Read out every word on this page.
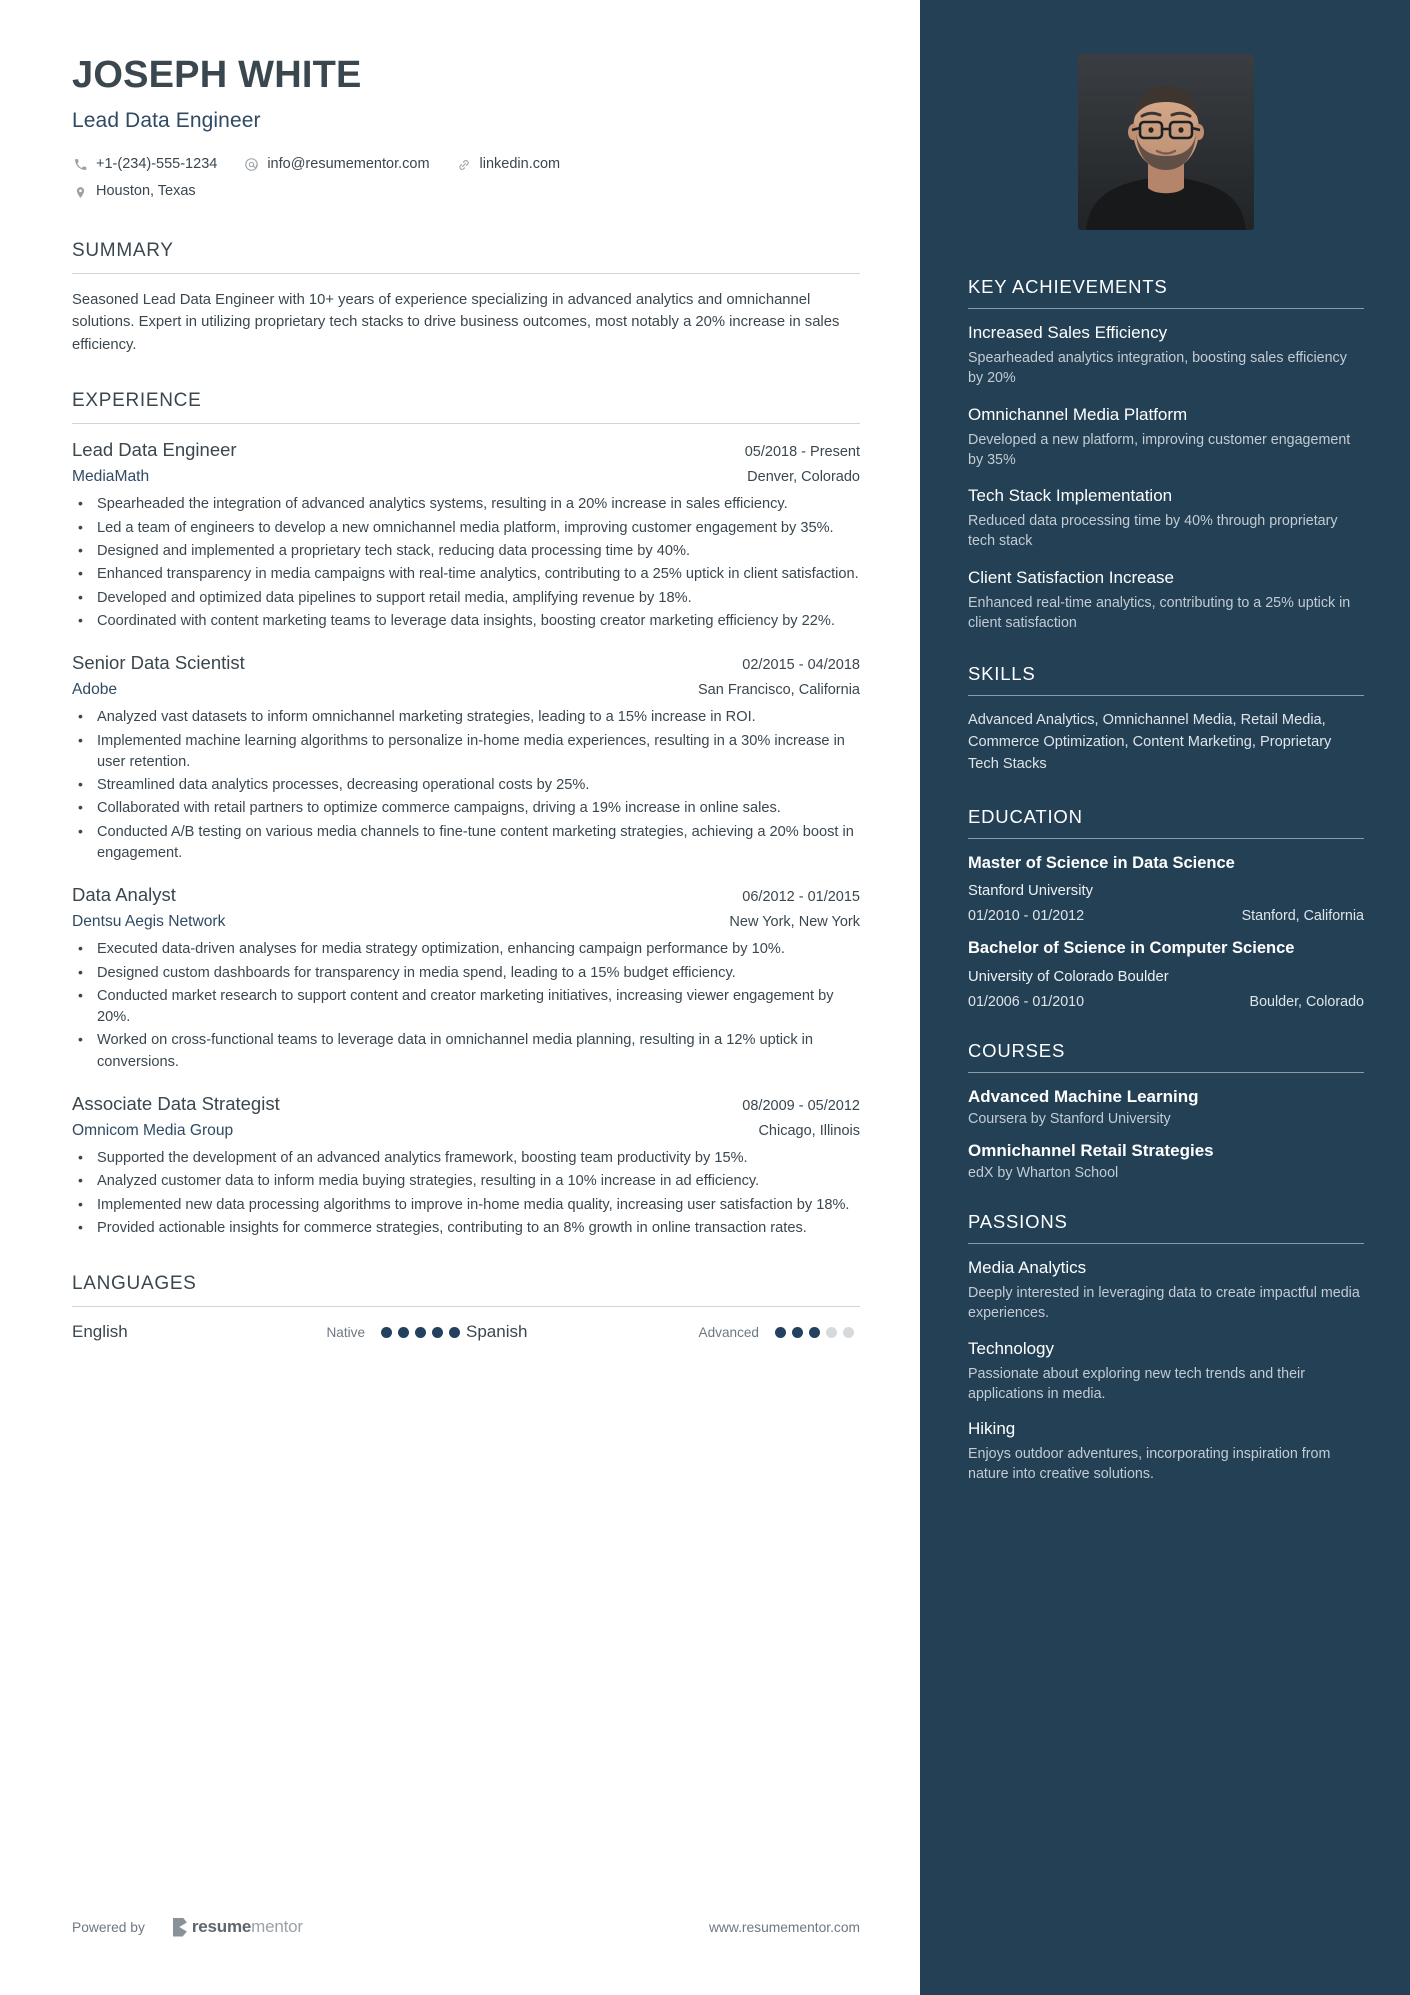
JOSEPH WHITE
Lead Data Engineer
+1-(234)-555-1234	info@resumementor.com	linkedin.com
Houston, Texas
SUMMARY
Seasoned Lead Data Engineer with 10+ years of experience specializing in advanced analytics and omnichannel solutions. Expert in utilizing proprietary tech stacks to drive business outcomes, most notably a 20% increase in sales efficiency.
EXPERIENCE
Lead Data Engineer	05/2018 - Present
MediaMath	Denver, Colorado
• Spearheaded the integration of advanced analytics systems, resulting in a 20% increase in sales efficiency.
• Led a team of engineers to develop a new omnichannel media platform, improving customer engagement by 35%.
• Designed and implemented a proprietary tech stack, reducing data processing time by 40%.
• Enhanced transparency in media campaigns with real-time analytics, contributing to a 25% uptick in client satisfaction.
• Developed and optimized data pipelines to support retail media, amplifying revenue by 18%.
• Coordinated with content marketing teams to leverage data insights, boosting creator marketing efficiency by 22%.
Senior Data Scientist	02/2015 - 04/2018
Adobe	San Francisco, California
• Analyzed vast datasets to inform omnichannel marketing strategies, leading to a 15% increase in ROI.
• Implemented machine learning algorithms to personalize in-home media experiences, resulting in a 30% increase in user retention.
• Streamlined data analytics processes, decreasing operational costs by 25%.
• Collaborated with retail partners to optimize commerce campaigns, driving a 19% increase in online sales.
• Conducted A/B testing on various media channels to fine-tune content marketing strategies, achieving a 20% boost in engagement.
Data Analyst	06/2012 - 01/2015
Dentsu Aegis Network	New York, New York
• Executed data-driven analyses for media strategy optimization, enhancing campaign performance by 10%.
• Designed custom dashboards for transparency in media spend, leading to a 15% budget efficiency.
• Conducted market research to support content and creator marketing initiatives, increasing viewer engagement by 20%.
• Worked on cross-functional teams to leverage data in omnichannel media planning, resulting in a 12% uptick in conversions.
Associate Data Strategist	08/2009 - 05/2012
Omnicom Media Group	Chicago, Illinois
• Supported the development of an advanced analytics framework, boosting team productivity by 15%.
• Analyzed customer data to inform media buying strategies, resulting in a 10% increase in ad efficiency.
• Implemented new data processing algorithms to improve in-home media quality, increasing user satisfaction by 18%.
• Provided actionable insights for commerce strategies, contributing to an 8% growth in online transaction rates.
LANGUAGES
English	Native	Spanish	Advanced
Powered by	resume mentor	www.resumementor.com
KEY ACHIEVEMENTS
Increased Sales Efficiency
Spearheaded analytics integration, boosting sales efficiency by 20%
Omnichannel Media Platform
Developed a new platform, improving customer engagement by 35%
Tech Stack Implementation
Reduced data processing time by 40% through proprietary tech stack
Client Satisfaction Increase
Enhanced real-time analytics, contributing to a 25% uptick in client satisfaction
SKILLS
Advanced Analytics, Omnichannel Media, Retail Media, Commerce Optimization, Content Marketing, Proprietary Tech Stacks
EDUCATION
Master of Science in Data Science
Stanford University
01/2010 - 01/2012	Stanford, California
Bachelor of Science in Computer Science
University of Colorado Boulder
01/2006 - 01/2010	Boulder, Colorado
COURSES
Advanced Machine Learning
Coursera by Stanford University
Omnichannel Retail Strategies
edX by Wharton School
PASSIONS
Media Analytics
Deeply interested in leveraging data to create impactful media experiences.
Technology
Passionate about exploring new tech trends and their applications in media.
Hiking
Enjoys outdoor adventures, incorporating inspiration from nature into creative solutions.
